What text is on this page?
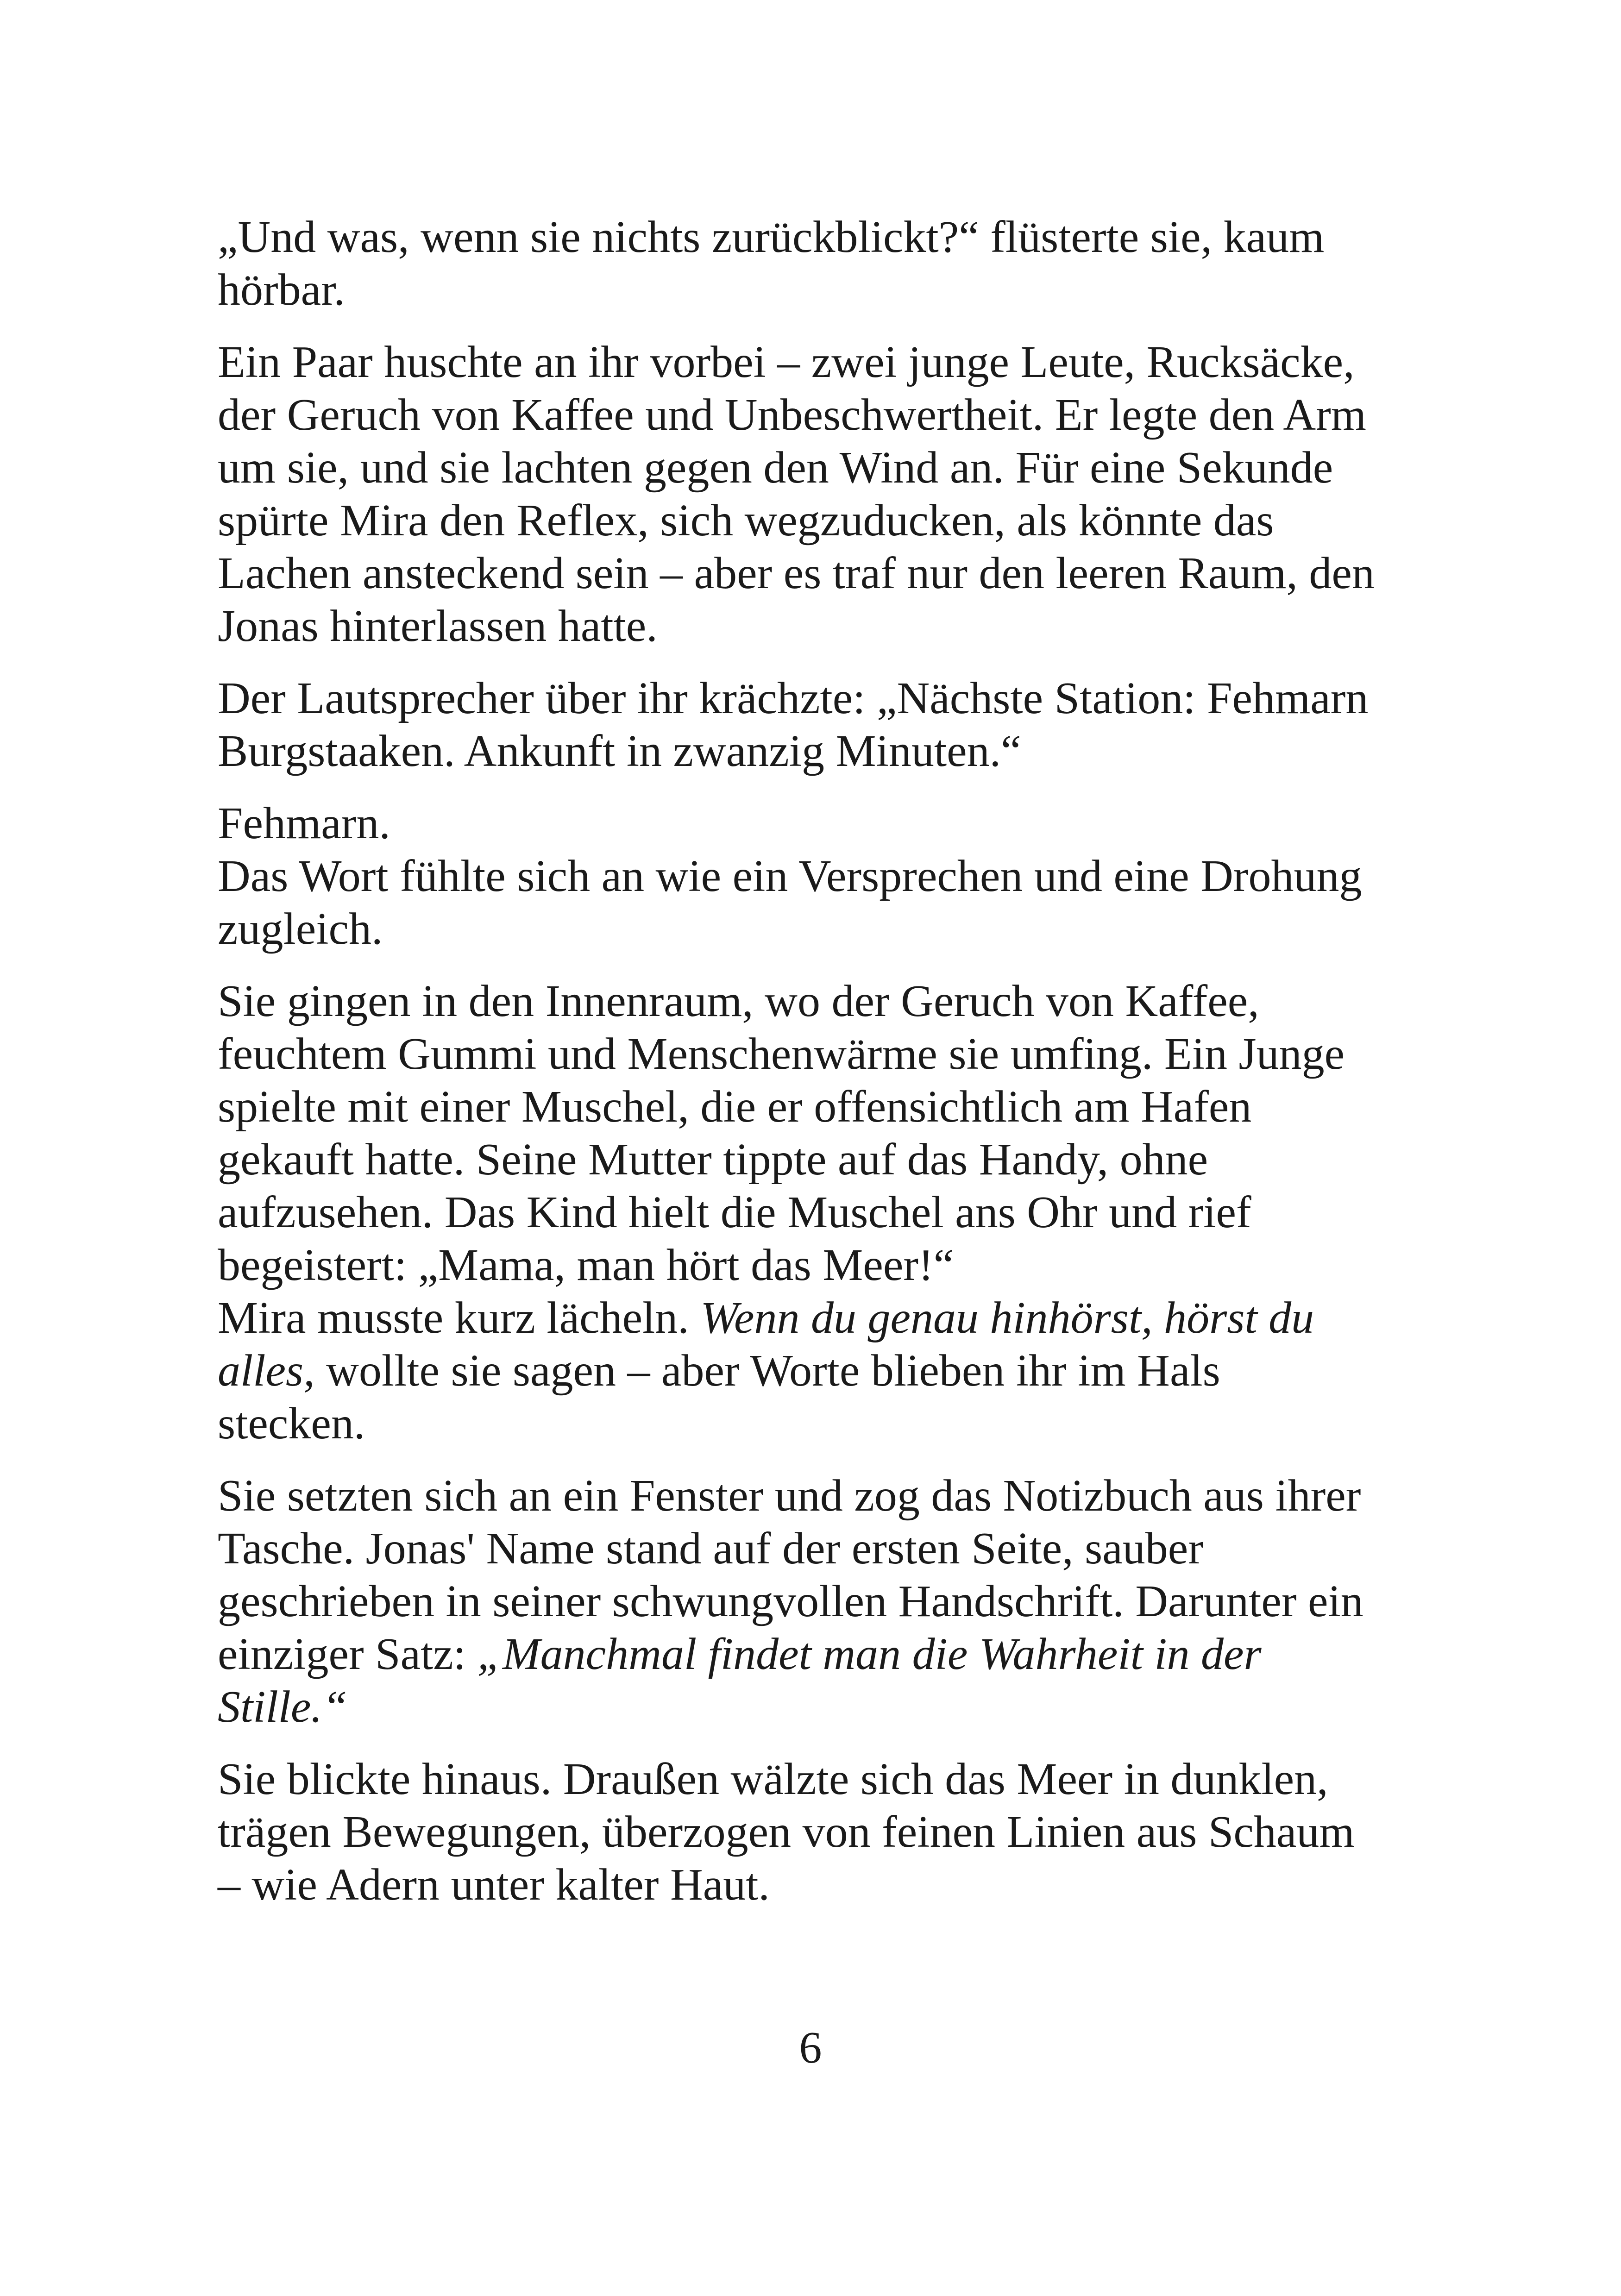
„Und was, wenn sie nichts zurückblickt?“ flüsterte sie, kaum
hörbar.

Ein Paar huschte an ihr vorbei – zwei junge Leute, Rucksäcke,
der Geruch von Kaffee und Unbeschwertheit. Er legte den Arm
um sie, und sie lachten gegen den Wind an. Für eine Sekunde
spürte Mira den Reflex, sich wegzuducken, als könnte das
Lachen ansteckend sein – aber es traf nur den leeren Raum, den
Jonas hinterlassen hatte.

Der Lautsprecher über ihr krächzte: „Nächste Station: Fehmarn
Burgstaaken. Ankunft in zwanzig Minuten.“

Fehmarn.
Das Wort fühlte sich an wie ein Versprechen und eine Drohung
zugleich.

Sie gingen in den Innenraum, wo der Geruch von Kaffee,
feuchtem Gummi und Menschenwärme sie umfing. Ein Junge
spielte mit einer Muschel, die er offensichtlich am Hafen
gekauft hatte. Seine Mutter tippte auf das Handy, ohne
aufzusehen. Das Kind hielt die Muschel ans Ohr und rief
begeistert: „Mama, man hört das Meer!“
Mira musste kurz lächeln. Wenn du genau hinhörst, hörst du
alles, wollte sie sagen – aber Worte blieben ihr im Hals
stecken.

Sie setzten sich an ein Fenster und zog das Notizbuch aus ihrer
Tasche. Jonas' Name stand auf der ersten Seite, sauber
geschrieben in seiner schwungvollen Handschrift. Darunter ein
einziger Satz: „Manchmal findet man die Wahrheit in der
Stille.“

Sie blickte hinaus. Draußen wälzte sich das Meer in dunklen,
trägen Bewegungen, überzogen von feinen Linien aus Schaum
– wie Adern unter kalter Haut.

6
